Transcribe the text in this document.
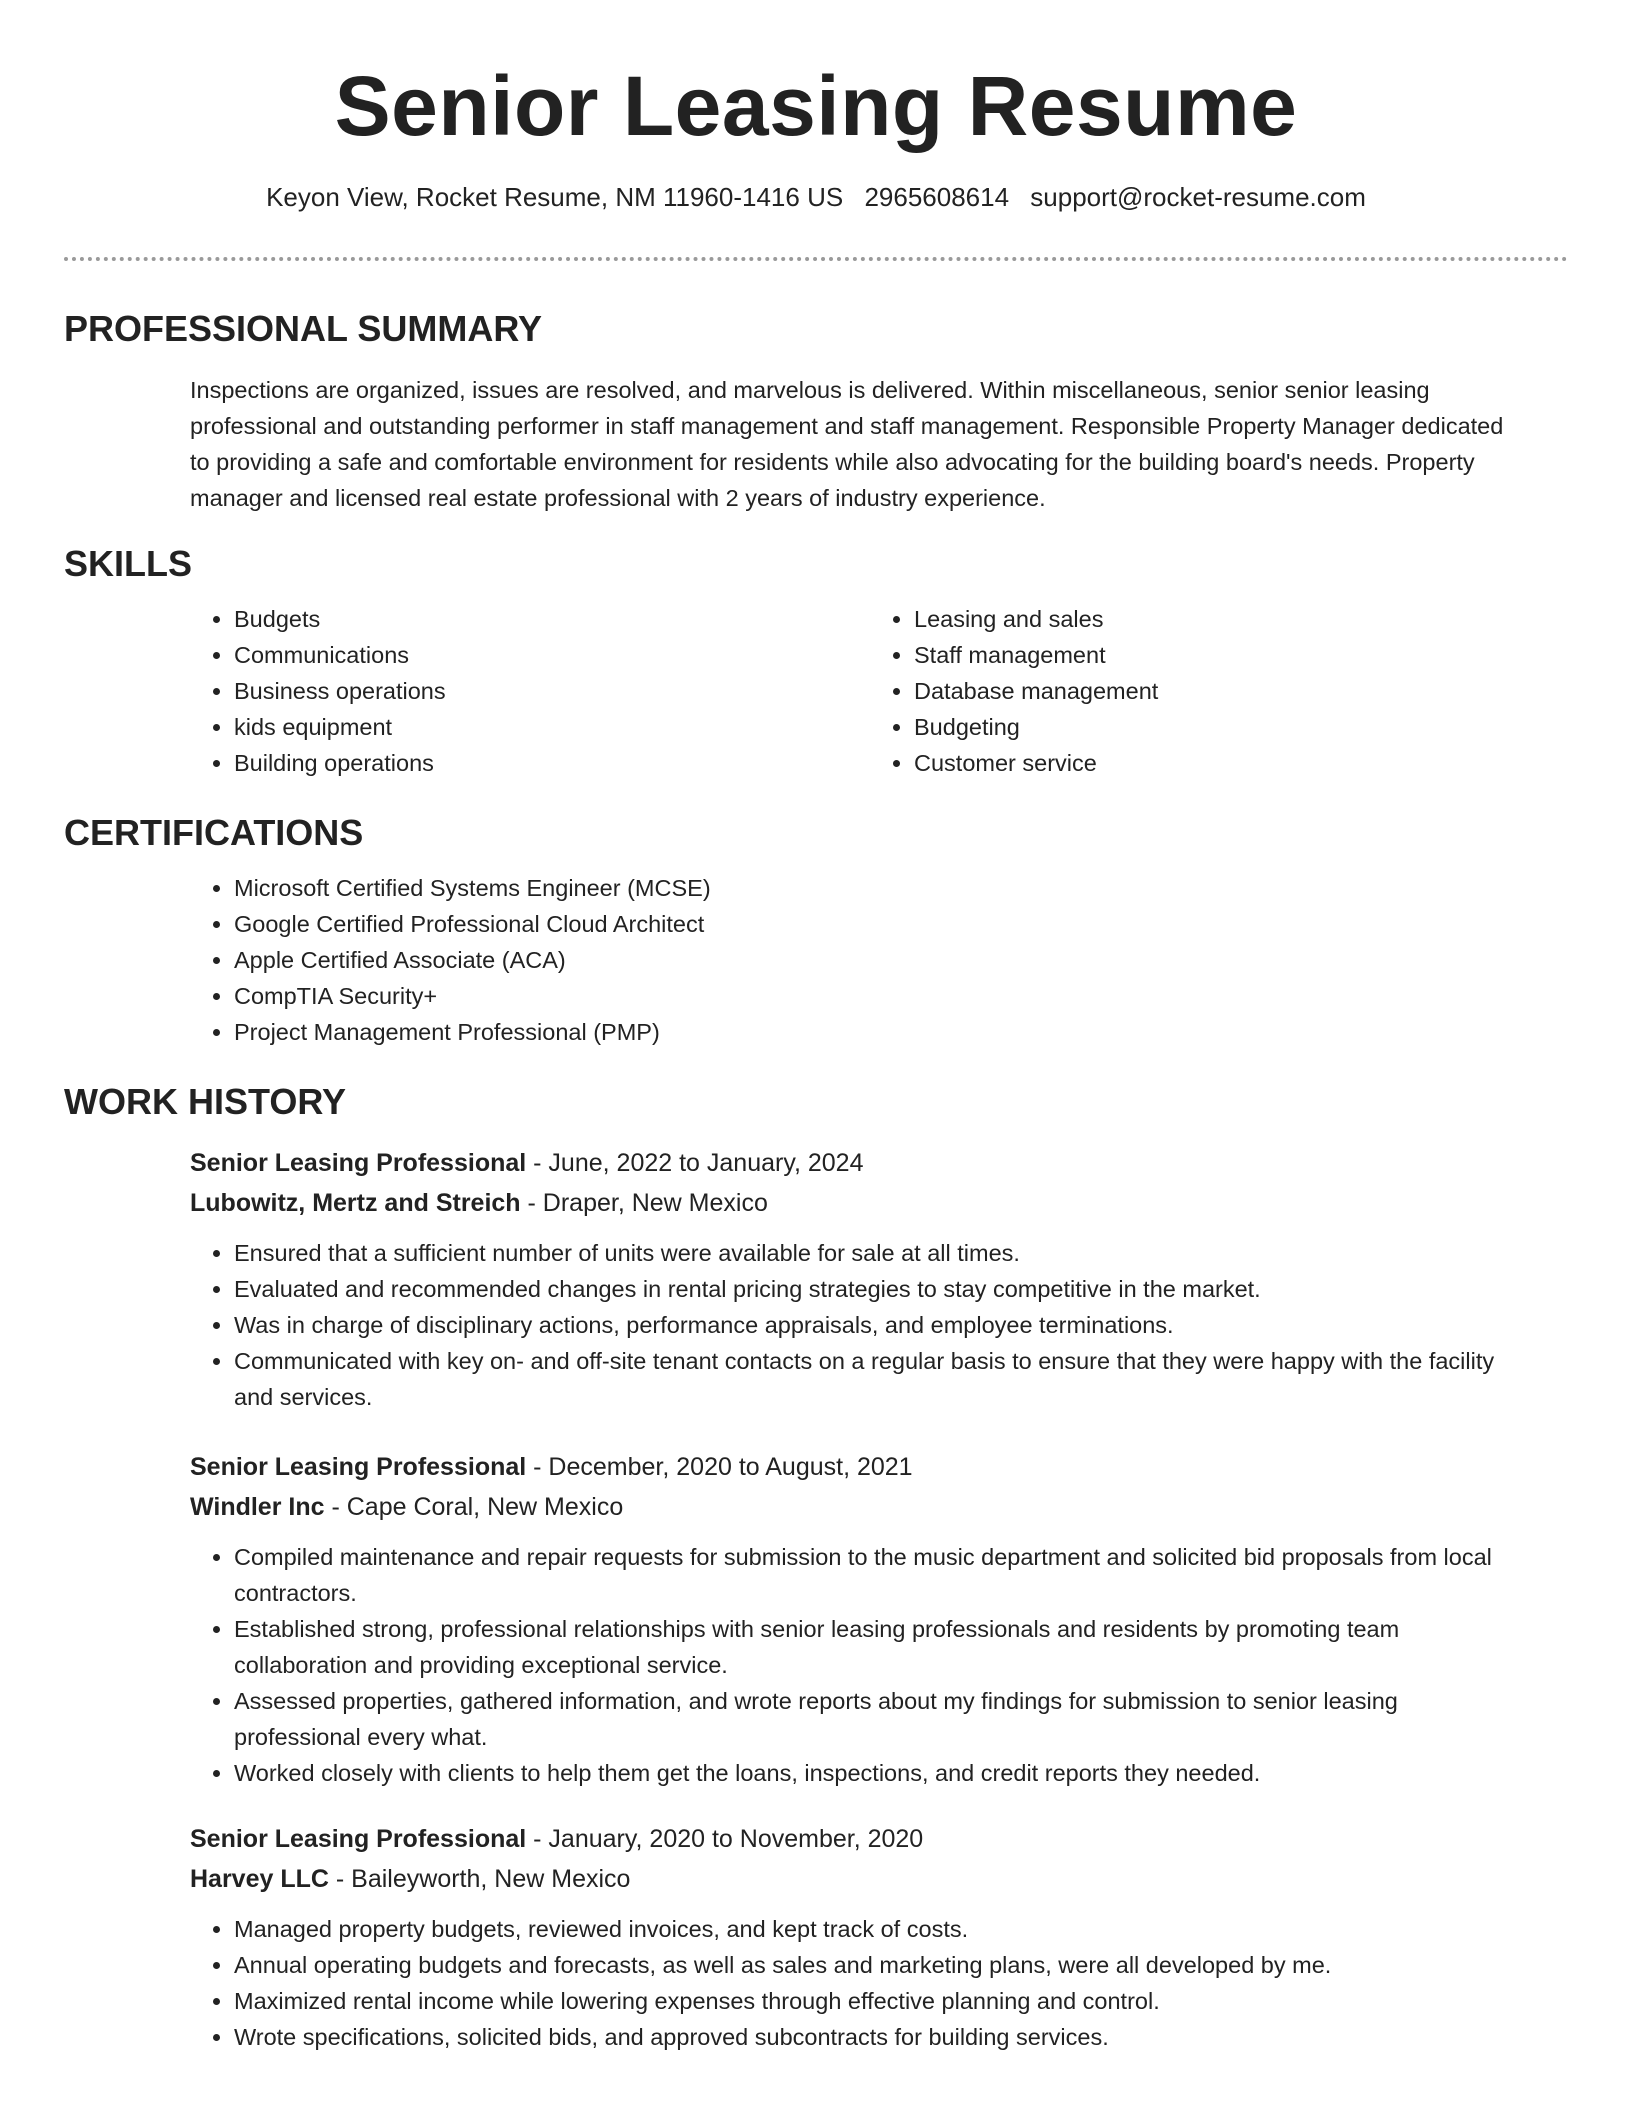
Senior Leasing Resume
Keyon View, Rocket Resume, NM 11960-1416 US 2965608614 support@rocket-resume.com
PROFESSIONAL SUMMARY

Inspections are organized, issues are resolved, and marvelous is delivered. Within miscellaneous, senior senior leasing professional and outstanding performer in staff management and staff management. Responsible Property Manager dedicated to providing a safe and comfortable environment for residents while also advocating for the building board's needs. Property manager and licensed real estate professional with 2 years of industry experience.

SKILLS
• Budgets
• Communications
• Business operations
• kids equipment
• Building operations
• Leasing and sales
• Staff management
• Database management
• Budgeting
• Customer service
CERTIFICATIONS
• Microsoft Certified Systems Engineer (MCSE)
• Google Certified Professional Cloud Architect
• Apple Certified Associate (ACA)
• CompTIA Security+
• Project Management Professional (PMP)
WORK HISTORY
Senior Leasing Professional - June, 2022 to January, 2024
Lubowitz, Mertz and Streich - Draper, New Mexico
• Ensured that a sufficient number of units were available for sale at all times.
• Evaluated and recommended changes in rental pricing strategies to stay competitive in the market.
• Was in charge of disciplinary actions, performance appraisals, and employee terminations.
• Communicated with key on- and off-site tenant contacts on a regular basis to ensure that they were happy with the facility and services.
Senior Leasing Professional - December, 2020 to August, 2021
Windler Inc - Cape Coral, New Mexico
• Compiled maintenance and repair requests for submission to the music department and solicited bid proposals from local contractors.
• Established strong, professional relationships with senior leasing professionals and residents by promoting team collaboration and providing exceptional service.
• Assessed properties, gathered information, and wrote reports about my findings for submission to senior leasing professional every what.
• Worked closely with clients to help them get the loans, inspections, and credit reports they needed.
Senior Leasing Professional - January, 2020 to November, 2020
Harvey LLC - Baileyworth, New Mexico
• Managed property budgets, reviewed invoices, and kept track of costs.
• Annual operating budgets and forecasts, as well as sales and marketing plans, were all developed by me.
• Maximized rental income while lowering expenses through effective planning and control.
• Wrote specifications, solicited bids, and approved subcontracts for building services.
